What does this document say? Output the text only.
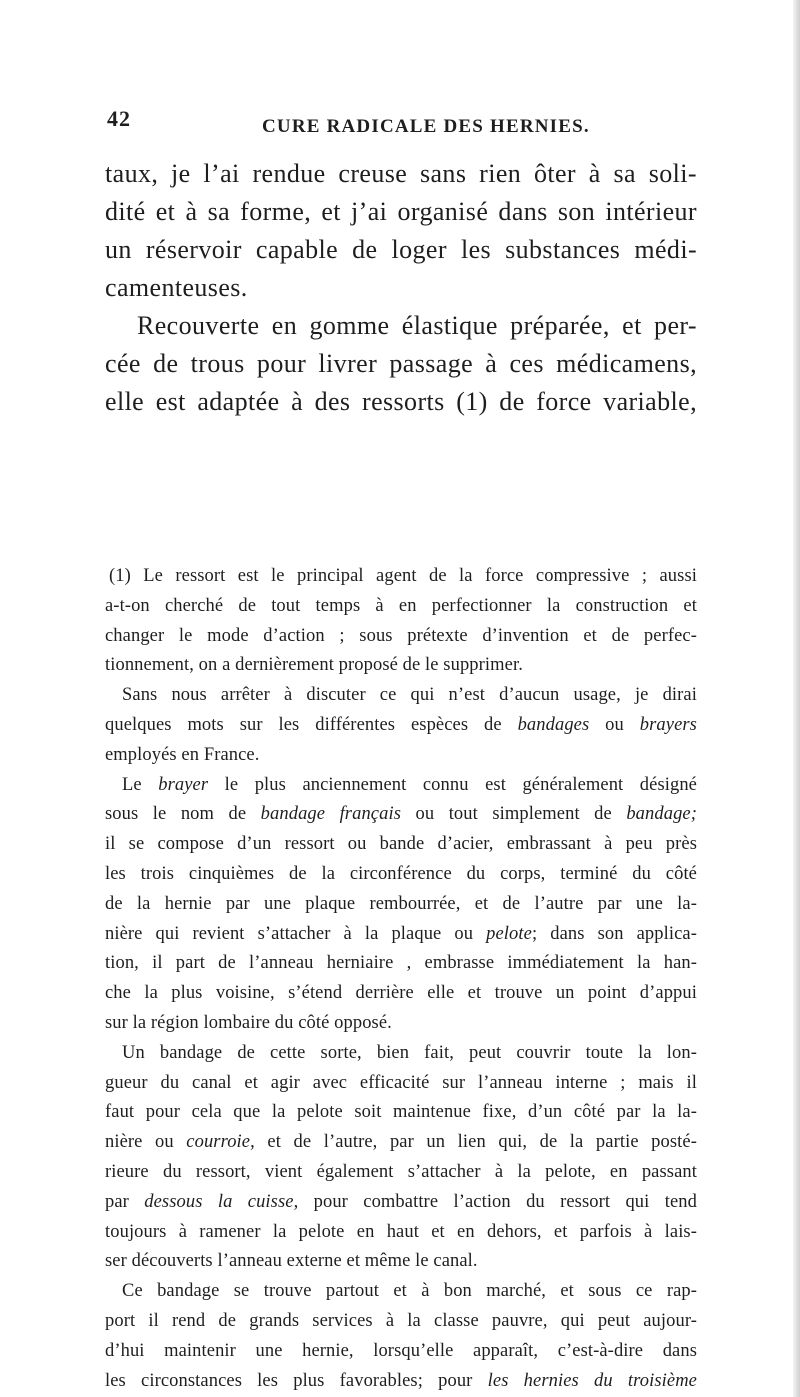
42	CURE RADICALE DES HERNIES.
taux, je l’ai rendue creuse sans rien ôter à sa soli-
dité et à sa forme, et j’ai organisé dans son intérieur
un réservoir capable de loger les substances médi-
camenteuses.
Recouverte en gomme élastique préparée, et per-
cée de trous pour livrer passage à ces médicamens,
elle est adaptée à des ressorts (1) de force variable,
(1) Le ressort est le principal agent de la force compressive ; aussi
a-t-on cherché de tout temps à en perfectionner la construction et
changer le mode d’action ; sous prétexte d’invention et de perfec-
tionnement, on a dernièrement proposé de le supprimer.
Sans nous arrêter à discuter ce qui n’est d’aucun usage, je dirai
quelques mots sur les différentes espèces de bandages ou brayers
employés en France.
Le brayer le plus anciennement connu est généralement désigné
sous le nom de bandage français ou tout simplement de bandage;
il se compose d’un ressort ou bande d’acier, embrassant à peu près
les trois cinquièmes de la circonférence du corps, terminé du côté
de la hernie par une plaque rembourrée, et de l’autre par une la-
nière qui revient s’attacher à la plaque ou pelote; dans son applica-
tion, il part de l’anneau herniaire , embrasse immédiatement la han-
che la plus voisine, s’étend derrière elle et trouve un point d’appui
sur la région lombaire du côté opposé.
Un bandage de cette sorte, bien fait, peut couvrir toute la lon-
gueur du canal et agir avec efficacité sur l’anneau interne ; mais il
faut pour cela que la pelote soit maintenue fixe, d’un côté par la la-
nière ou courroie, et de l’autre, par un lien qui, de la partie posté-
rieure du ressort, vient également s’attacher à la pelote, en passant
par dessous la cuisse, pour combattre l’action du ressort qui tend
toujours à ramener la pelote en haut et en dehors, et parfois à lais-
ser découverts l’anneau externe et même le canal.
Ce bandage se trouve partout et à bon marché, et sous ce rap-
port il rend de grands services à la classe pauvre, qui peut aujour-
d’hui maintenir une hernie, lorsqu’elle apparaît, c’est-à-dire dans
les circonstances les plus favorables; pour les hernies du troisième
